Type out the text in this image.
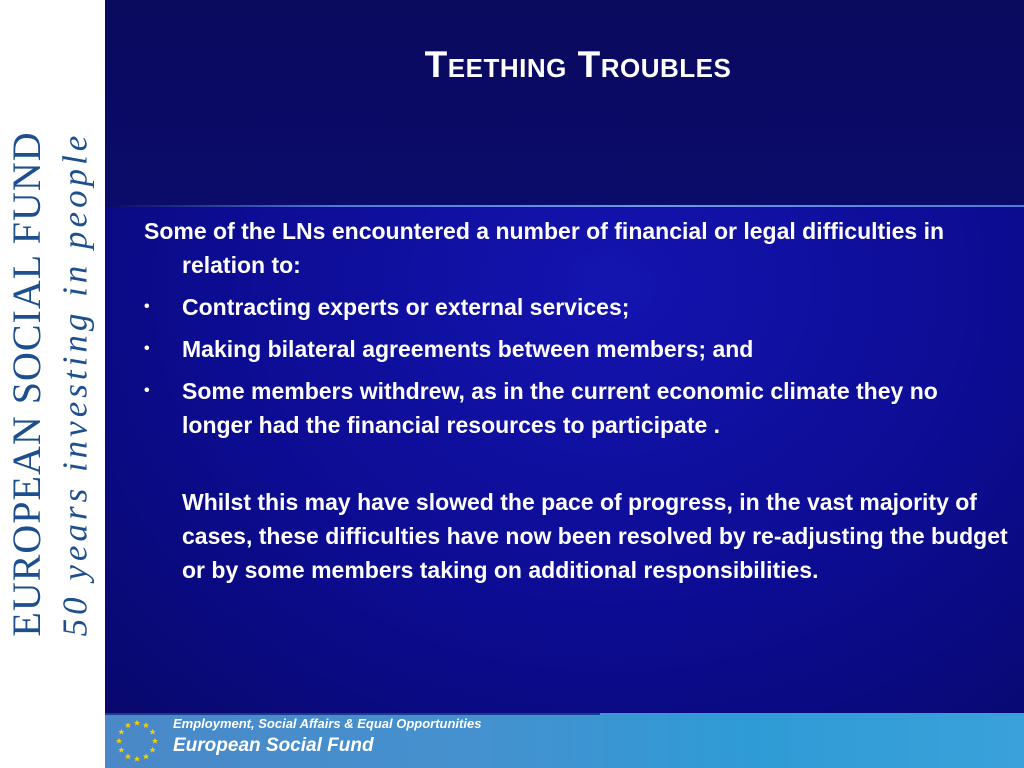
EUROPEAN SOCIAL FUND 50 years investing in people
Teething Troubles

Some of the LNs encountered a number of financial or legal difficulties in relation to:

•	Contracting experts or external services;
•	Making bilateral agreements between members; and
•	Some members withdrew, as in the current economic climate they no longer had the financial resources to participate .

Whilst this may have slowed the pace of progress, in the vast majority of cases, these difficulties have now been resolved by re-adjusting the budget or by some members taking on additional responsibilities.

Employment, Social Affairs & Equal Opportunities
European Social Fund
